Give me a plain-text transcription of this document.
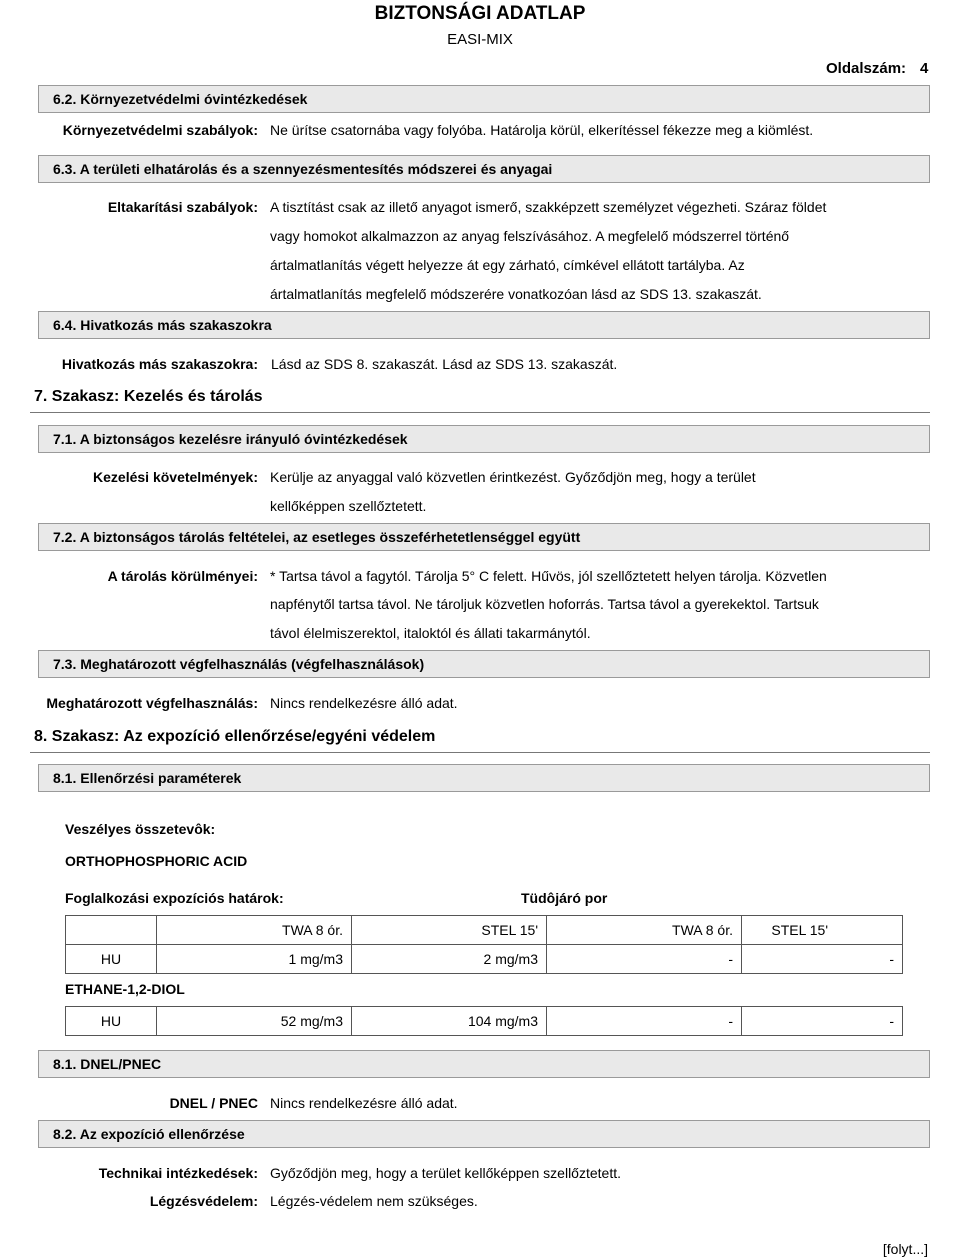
BIZTONSÁGI ADATLAP
EASI-MIX
Oldalszám: 4
6.2. Környezetvédelmi óvintézkedések
Környezetvédelmi szabályok: Ne ürítse csatornába vagy folyóba. Határolja körül, elkerítéssel fékezze meg a kiömlést.
6.3. A területi elhatárolás és a szennyezésmentesítés módszerei és anyagai
Eltakarítási szabályok: A tisztítást csak az illető anyagot ismerő, szakképzett személyzet végezheti. Száraz földet
vagy homokot alkalmazzon az anyag felszívásához. A megfelelő módszerrel történő
ártalmatlanítás végett helyezze át egy zárható, címkével ellátott tartályba. Az
ártalmatlanítás megfelelő módszerére vonatkozóan lásd az SDS 13. szakaszát.
6.4. Hivatkozás más szakaszokra
Hivatkozás más szakaszokra: Lásd az SDS 8. szakaszát. Lásd az SDS 13. szakaszát.
7. Szakasz: Kezelés és tárolás
7.1. A biztonságos kezelésre irányuló óvintézkedések
Kezelési követelmények: Kerülje az anyaggal való közvetlen érintkezést. Győződjön meg, hogy a terület
kellőképpen szellőztetett.
7.2. A biztonságos tárolás feltételei, az esetleges összeférhetetlenséggel együtt
A tárolás körülményei: * Tartsa távol a fagytól. Tárolja 5° C felett. Hűvös, jól szellőztetett helyen tárolja. Közvetlen
napfénytől tartsa távol. Ne tároljuk közvetlen hoforrás. Tartsa távol a gyerekektol. Tartsuk
távol élelmiszerektol, italoktól és állati takarmánytól.
7.3. Meghatározott végfelhasználás (végfelhasználások)
Meghatározott végfelhasználás: Nincs rendelkezésre álló adat.
8. Szakasz: Az expozíció ellenőrzése/egyéni védelem
8.1. Ellenőrzési paraméterek
Veszélyes összetevôk:
ORTHOPHOSPHORIC ACID
Foglalkozási expozíciós határok:	Tüdôjáró por
	TWA 8 ór.	STEL 15'	TWA 8 ór.	STEL 15'
HU	1 mg/m3	2 mg/m3	-	-
ETHANE-1,2-DIOL
HU	52 mg/m3	104 mg/m3	-	-
8.1. DNEL/PNEC
DNEL / PNEC Nincs rendelkezésre álló adat.
8.2. Az expozíció ellenőrzése
Technikai intézkedések: Győződjön meg, hogy a terület kellőképpen szellőztetett.
Légzésvédelem: Légzés-védelem nem szükséges.
[folyt...]
